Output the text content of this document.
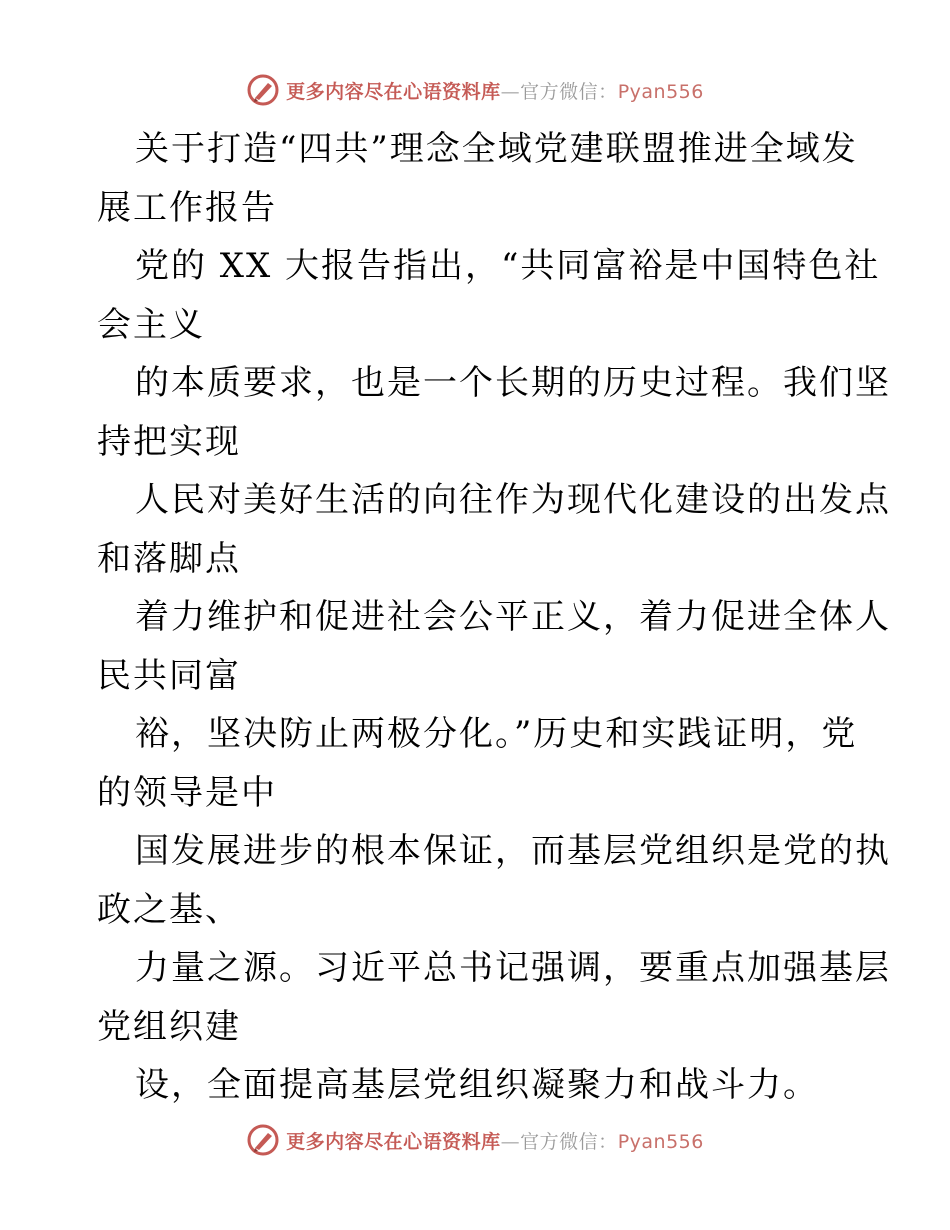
更多内容尽在心语资料库—官方微信：Pyan556
关于打造“四共”理念全域党建联盟推进全域发
展工作报告
党的 XX 大报告指出，“共同富裕是中国特色社
会主义
的本质要求，也是一个长期的历史过程。我们坚
持把实现
人民对美好生活的向往作为现代化建设的出发点
和落脚点
着力维护和促进社会公平正义，着力促进全体人
民共同富
裕，坚决防止两极分化。”历史和实践证明，党
的领导是中
国发展进步的根本保证，而基层党组织是党的执
政之基、
力量之源。习近平总书记强调，要重点加强基层
党组织建
设，全面提高基层党组织凝聚力和战斗力。
更多内容尽在心语资料库—官方微信：Pyan556
